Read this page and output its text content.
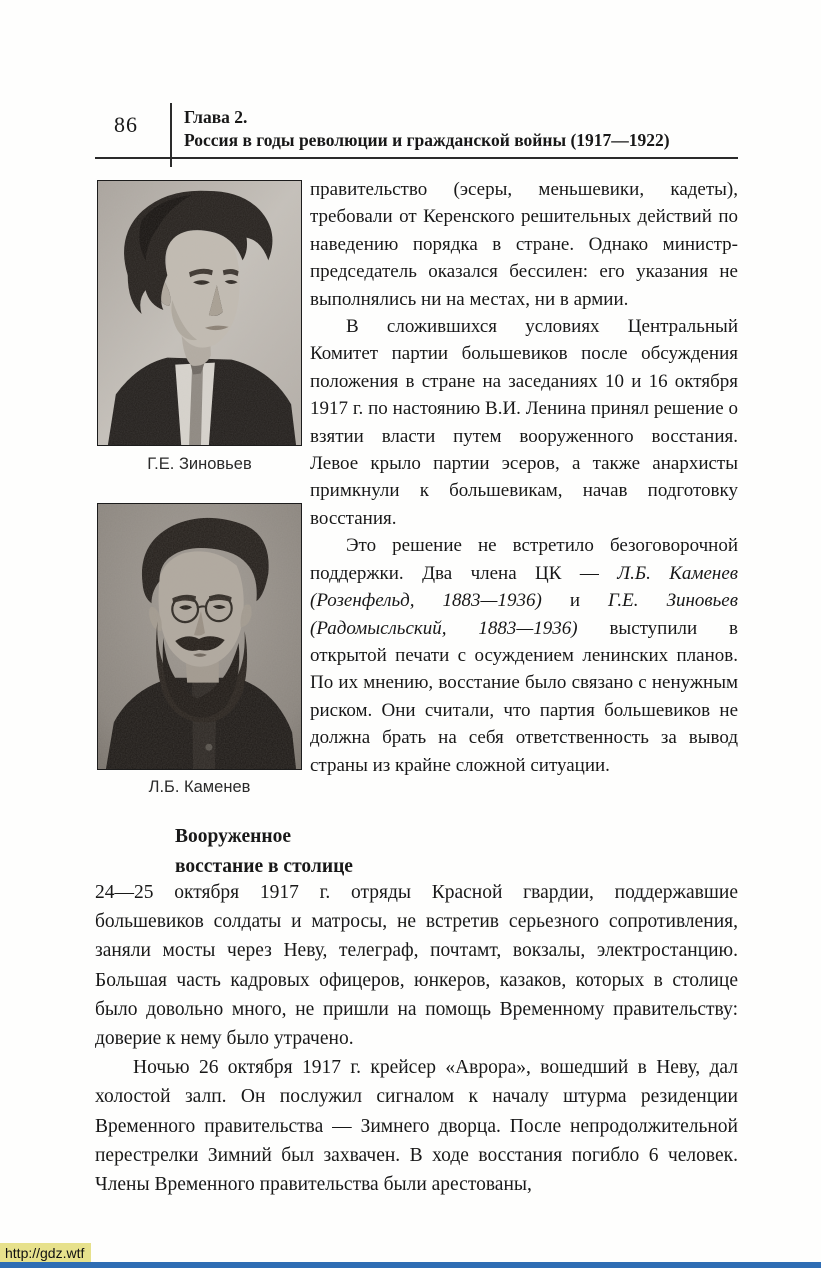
86	Глава 2.
Россия в годы революции и гражданской войны (1917—1922)
Г.Е. Зиновьев
Л.Б. Каменев

правительство (эсеры, меньшевики, кадеты), требовали от Керенского решительных действий по наведению порядка в стране. Однако министр-председатель оказался бессилен: его указания не выполнялись ни на местах, ни в армии.

В сложившихся условиях Центральный Комитет партии большевиков после обсуждения положения в стране на заседаниях 10 и 16 октября 1917 г. по настоянию В.И. Ленина принял решение о взятии власти путем вооруженного восстания. Левое крыло партии эсеров, а также анархисты примкнули к большевикам, начав подготовку восстания.

Это решение не встретило безоговорочной поддержки. Два члена ЦК — Л.Б. Каменев (Розенфельд, 1883—1936) и Г.Е. Зиновьев (Радомысльский, 1883—1936) выступили в открытой печати с осуждением ленинских планов. По их мнению, восстание было связано с ненужным риском. Они считали, что партия большевиков не должна брать на себя ответственность за вывод страны из крайне сложной ситуации.

Вооруженное
восстание в столице

24—25 октября 1917 г. отряды Красной гвардии, поддержавшие большевиков солдаты и матросы, не встретив серьезного сопротивления, заняли мосты через Неву, телеграф, почтамт, вокзалы, электростанцию. Большая часть кадровых офицеров, юнкеров, казаков, которых в столице было довольно много, не пришли на помощь Временному правительству: доверие к нему было утрачено.

Ночью 26 октября 1917 г. крейсер «Аврора», вошедший в Неву, дал холостой залп. Он послужил сигналом к началу штурма резиденции Временного правительства — Зимнего дворца. После непродолжительной перестрелки Зимний был захвачен. В ходе восстания погибло 6 человек. Члены Временного правительства были арестованы,

http://gdz.wtf
